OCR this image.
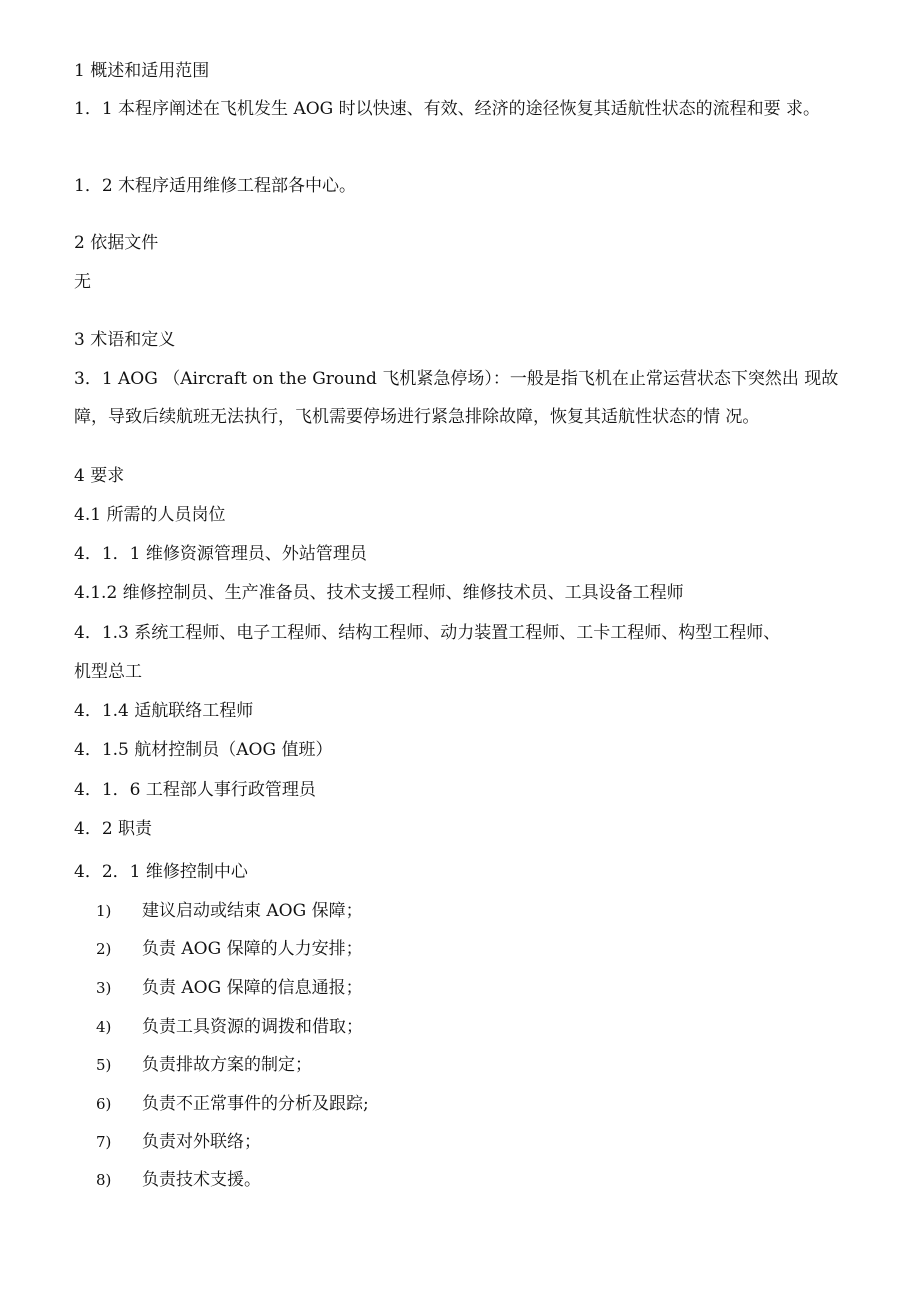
1 概述和适用范围
1．1 本程序阐述在飞机发生 AOG 时以快速、有效、经济的途径恢复其适航性状态的流程和要 求。
1．2 木程序适用维修工程部各中心。
2 依据文件
无
3 术语和定义
3．1 AOG （Aircraft on the Ground 飞机紧急停场）：一般是指飞机在止常运营状态下突然出 现故
障，导致后续航班无法执行，飞机需要停场进行紧急排除故障，恢复其适航性状态的情 况。
4 要求
4.1 所需的人员岗位
4．1．1 维修资源管理员、外站管理员
4.1.2 维修控制员、生产准备员、技术支援工程师、维修技术员、工具设备工程师
4．1.3 系统工程师、电子工程师、结构工程师、动力装置工程师、工卡工程师、构型工程师、
机型总工
4．1.4 适航联络工程师
4．1.5 航材控制员（AOG 值班）
4．1．6 工程部人事行政管理员
4．2 职责
4．2．1 维修控制中心
1) 建议启动或结束 AOG 保障；
2) 负责 AOG 保障的人力安排；
3) 负责 AOG 保障的信息通报；
4) 负责工具资源的调拨和借取；
5) 负责排故方案的制定；
6) 负责不正常事件的分析及跟踪;
7) 负责对外联络；
8) 负责技术支援。
